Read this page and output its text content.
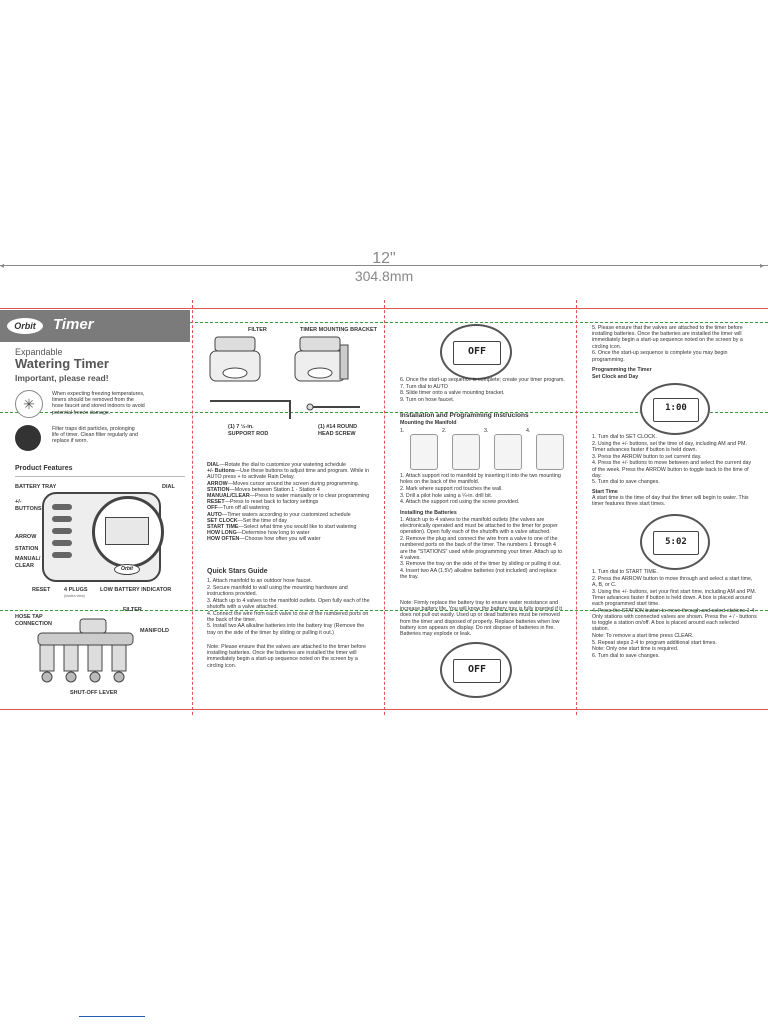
12"
304.8mm
◂	▸
Orbit	Timer
Expandable
Watering Timer
Important, please read!
✳
When expecting freezing temperatures,
timers should be removed from the
hose faucet and stored indoors to avoid
potential freeze damage.
Filter traps dirt particles, prolonging
life of timer. Clean filter regularly and
replace if worn.
Product Features
Orbit
BATTERY TRAY	DIAL
+/-
BUTTONS
ARROW
STATION
MANUAL/
CLEAR
RESET 4 PLUGS
(hidden view)
LOW BATTERY INDICATOR
FILTER
HOSE TAP
CONNECTION
MANIFOLD
SHUT-OFF LEVER
FILTER	TIMER MOUNTING BRACKET
(1) 7 ½-in.
SUPPORT ROD
(1) #14 ROUND
HEAD SCREW
DIAL—Rotate the dial to customize your watering schedule
+/- Buttons—Use these buttons to adjust time and program. While in AUTO press + to activate Rain Delay.
ARROW—Moves cursor around the screen during programming.
STATION—Moves between Station 1 - Station 4
MANUAL/CLEAR—Press to water manually or to clear programming
RESET—Press to reset back to factory settings
OFF—Turn off all watering
AUTO—Timer waters according to your customized schedule
SET CLOCK—Set the time of day
START TIME—Select what time you would like to start watering
HOW LONG—Determine how long to water
HOW OFTEN—Choose how often you will water
Quick Stars Guide
1. Attach manifold to an outdoor hose faucet.
2. Secure manifold to wall using the mounting hardware and instructions provided.
3. Attach up to 4 valves to the manifold outlets. Open fully each of the shutoffs with a valve attached.
4. Connect the wire from each valve to one of the numbered ports on the back of the timer.
5. Install two AA alkaline batteries into the battery tray (Remove the tray on the side of the timer by sliding or pulling it out.)
Note: Please ensure that the valves are attached to the timer before installing batteries. Once the batteries are installed the timer will immediately begin a start-up sequence noted on the screen by a circling icon.
OFF
6. Once the start-up sequence is complete; create your timer program.
7. Turn dial to AUTO
8. Slide timer onto a valve mounting bracket.
9. Turn on hose faucet.
Installation and Programming Instrucions
Mounting the Manifold
1.	2.	3.	4.
1. Attach support rod to manifold by inserting it into the two mounting holes on the back of the manifold.
2. Mark where support rod touches the wall.
3. Drill a pilot hole using a ¼-in. drill bit.
4. Attach the support rod using the screw provided.
Installing the Batteries
1. Attach up to 4 valves to the manifold outlets (the valves are electronically operated and must be attached to the timer for proper operation). Open fully each of the shutoffs with a valve attached.
2. Remove the plug and connect the wire from a valve to one of the numbered ports on the back of the timer. The numbers 1 through 4 are the "STATIONS" used while programming your timer. Attach up to 4 valves.
3. Remove the tray on the side of the timer by sliding or pulling it out.
4. Insert two AA (1.5V) alkaline batteries (not included) and replace the tray.
Note: Firmly replace the battery tray to ensure water resistance and increase battery life. You will know the battery tray is fully inserted if it does not pull out easily. Used up or dead batteries must be removed from the timer and disposed of properly. Replace batteries when low battery icon appears on display. Do not dispose of batteries in fire. Batteries may explode or leak.
OFF
5. Please ensure that the valves are attached to the timer before installing batteries. Once the batteries are installed the timer will immediately begin a start-up sequence noted on the screen by a circling icon.
6. Once the start-up sequence is complete you may begin programming.
Programming the Timer
Set Clock and Day
1:00
1. Turn dial to SET CLOCK.
2. Using the +/- buttons, set the time of day, including AM and PM. Timer advances faster if button is held down.
3. Press the ARROW button to set current day.
4. Press the +/- buttons to move between and select the current day of the week. Press the ARROW button to toggle back to the time of day.
5. Turn dial to save changes.
Start Time
A start time is the time of day that the timer will begin to water. This timer features three start times.
5:02
1. Turn dial to START TIME.
2. Press the ARROW button to move through and select a start time, A, B, or C.
3. Using the +/- buttons, set your first start time, including AM and PM. Timer advances faster if button is held down. A box is placed around each programmed start time.
4. Press the STATION button to move through and select stations 1-4. Only stations with connected valves are shown. Press the + / - buttons to toggle a station on/off. A box is placed around each selected station.
Note: To remove a start time press CLEAR.
5. Repeat steps 2-4 to program additional start times.
Note: Only one start time is required.
6. Turn dial to save changes.
